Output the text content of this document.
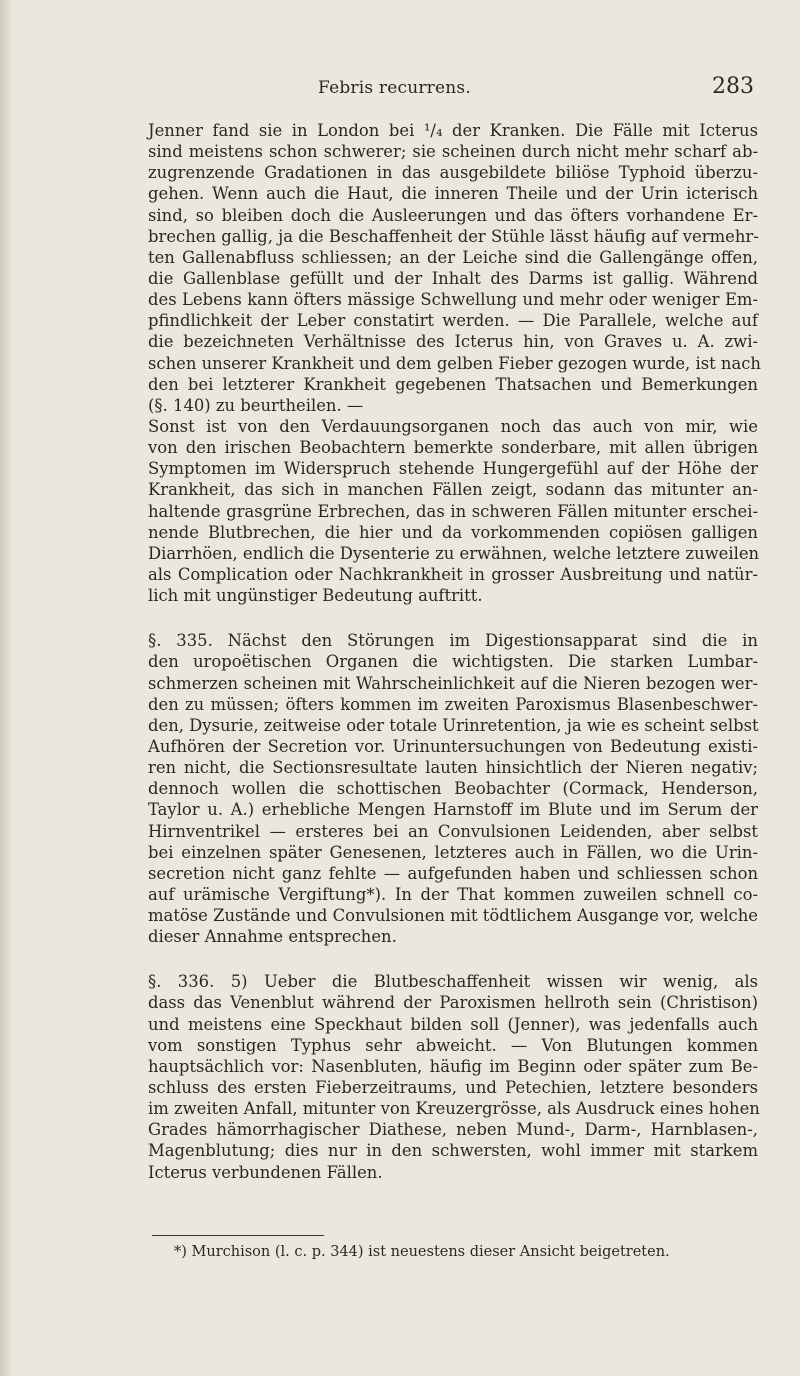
Febris recurrens.	283
Jenner fand sie in London bei ¹/₄ der Kranken. Die Fälle mit Icterus
sind meistens schon schwerer; sie scheinen durch nicht mehr scharf ab-
zugrenzende Gradationen in das ausgebildete biliöse Typhoid überzu-
gehen. Wenn auch die Haut, die inneren Theile und der Urin icterisch
sind, so bleiben doch die Ausleerungen und das öfters vorhandene Er-
brechen gallig, ja die Beschaffenheit der Stühle lässt häufig auf vermehr-
ten Gallenabfluss schliessen; an der Leiche sind die Gallengänge offen,
die Gallenblase gefüllt und der Inhalt des Darms ist gallig. Während
des Lebens kann öfters mässige Schwellung und mehr oder weniger Em-
pfindlichkeit der Leber constatirt werden. — Die Parallele, welche auf
die bezeichneten Verhältnisse des Icterus hin, von Graves u. A. zwi-
schen unserer Krankheit und dem gelben Fieber gezogen wurde, ist nach
den bei letzterer Krankheit gegebenen Thatsachen und Bemerkungen
(§. 140) zu beurtheilen. —
Sonst ist von den Verdauungsorganen noch das auch von mir, wie
von den irischen Beobachtern bemerkte sonderbare, mit allen übrigen
Symptomen im Widerspruch stehende Hungergefühl auf der Höhe der
Krankheit, das sich in manchen Fällen zeigt, sodann das mitunter an-
haltende grasgrüne Erbrechen, das in schweren Fällen mitunter erschei-
nende Blutbrechen, die hier und da vorkommenden copiösen galligen
Diarrhöen, endlich die Dysenterie zu erwähnen, welche letztere zuweilen
als Complication oder Nachkrankheit in grosser Ausbreitung und natür-
lich mit ungünstiger Bedeutung auftritt.
§. 335. Nächst den Störungen im Digestionsapparat sind die in
den uropoëtischen Organen die wichtigsten. Die starken Lumbar-
schmerzen scheinen mit Wahrscheinlichkeit auf die Nieren bezogen wer-
den zu müssen; öfters kommen im zweiten Paroxismus Blasenbeschwer-
den, Dysurie, zeitweise oder totale Urinretention, ja wie es scheint selbst
Aufhören der Secretion vor. Urinuntersuchungen von Bedeutung existi-
ren nicht, die Sectionsresultate lauten hinsichtlich der Nieren negativ;
dennoch wollen die schottischen Beobachter (Cormack, Henderson,
Taylor u. A.) erhebliche Mengen Harnstoff im Blute und im Serum der
Hirnventrikel — ersteres bei an Convulsionen Leidenden, aber selbst
bei einzelnen später Genesenen, letzteres auch in Fällen, wo die Urin-
secretion nicht ganz fehlte — aufgefunden haben und schliessen schon
auf urämische Vergiftung*). In der That kommen zuweilen schnell co-
matöse Zustände und Convulsionen mit tödtlichem Ausgange vor, welche
dieser Annahme entsprechen.
§. 336. 5) Ueber die Blutbeschaffenheit wissen wir wenig, als
dass das Venenblut während der Paroxismen hellroth sein (Christison)
und meistens eine Speckhaut bilden soll (Jenner), was jedenfalls auch
vom sonstigen Typhus sehr abweicht. — Von Blutungen kommen
hauptsächlich vor: Nasenbluten, häufig im Beginn oder später zum Be-
schluss des ersten Fieberzeitraums, und Petechien, letztere besonders
im zweiten Anfall, mitunter von Kreuzergrösse, als Ausdruck eines hohen
Grades hämorrhagischer Diathese, neben Mund-, Darm-, Harnblasen-,
Magenblutung; dies nur in den schwersten, wohl immer mit starkem
Icterus verbundenen Fällen.
*) Murchison (l. c. p. 344) ist neuestens dieser Ansicht beigetreten.
